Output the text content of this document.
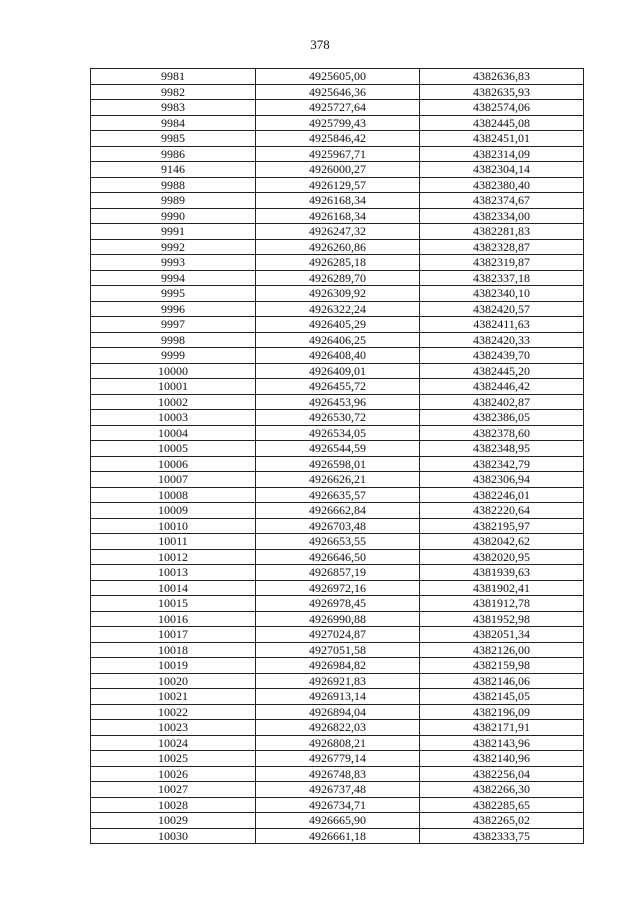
378
9981	4925605,00	4382636,83
9982	4925646,36	4382635,93
9983	4925727,64	4382574,06
9984	4925799,43	4382445,08
9985	4925846,42	4382451,01
9986	4925967,71	4382314,09
9146	4926000,27	4382304,14
9988	4926129,57	4382380,40
9989	4926168,34	4382374,67
9990	4926168,34	4382334,00
9991	4926247,32	4382281,83
9992	4926260,86	4382328,87
9993	4926285,18	4382319,87
9994	4926289,70	4382337,18
9995	4926309,92	4382340,10
9996	4926322,24	4382420,57
9997	4926405,29	4382411,63
9998	4926406,25	4382420,33
9999	4926408,40	4382439,70
10000	4926409,01	4382445,20
10001	4926455,72	4382446,42
10002	4926453,96	4382402,87
10003	4926530,72	4382386,05
10004	4926534,05	4382378,60
10005	4926544,59	4382348,95
10006	4926598,01	4382342,79
10007	4926626,21	4382306,94
10008	4926635,57	4382246,01
10009	4926662,84	4382220,64
10010	4926703,48	4382195,97
10011	4926653,55	4382042,62
10012	4926646,50	4382020,95
10013	4926857,19	4381939,63
10014	4926972,16	4381902,41
10015	4926978,45	4381912,78
10016	4926990,88	4381952,98
10017	4927024,87	4382051,34
10018	4927051,58	4382126,00
10019	4926984,82	4382159,98
10020	4926921,83	4382146,06
10021	4926913,14	4382145,05
10022	4926894,04	4382196,09
10023	4926822,03	4382171,91
10024	4926808,21	4382143,96
10025	4926779,14	4382140,96
10026	4926748,83	4382256,04
10027	4926737,48	4382266,30
10028	4926734,71	4382285,65
10029	4926665,90	4382265,02
10030	4926661,18	4382333,75
